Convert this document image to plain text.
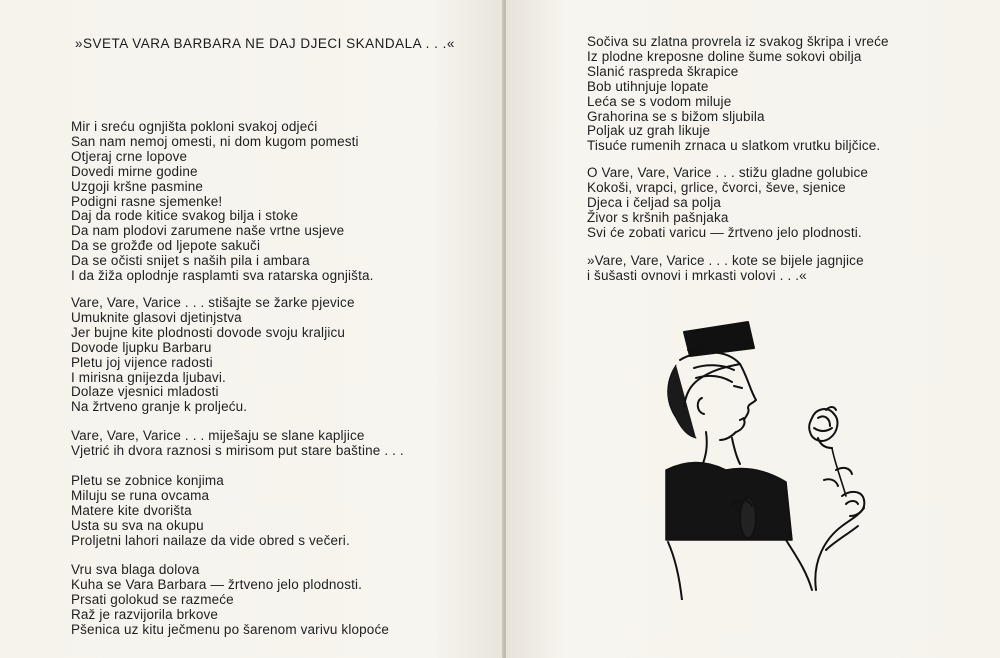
»SVETA VARA BARBARA NE DAJ DJECI SKANDALA . . .«
Mir i sreću ognjišta pokloni svakoj odjeći
San nam nemoj omesti, ni dom kugom pomesti
Otjeraj crne lopove
Dovedi mirne godine
Uzgoji kršne pasmine
Podigni rasne sjemenke!
Daj da rode kitice svakog bilja i stoke
Da nam plodovi zarumene naše vrtne usjeve
Da se grožđe od ljepote sakuči
Da se očisti snijet s naših pila i ambara
I da žiža oplodnje rasplamti sva ratarska ognjišta.
Vare, Vare, Varice . . . stišajte se žarke pjevice
Umuknite glasovi djetinjstva
Jer bujne kite plodnosti dovode svoju kraljicu
Dovode ljupku Barbaru
Pletu joj vijence radosti
I mirisna gnijezda ljubavi.
Dolaze vjesnici mladosti
Na žrtveno granje k proljeću.
Vare, Vare, Varice . . . miješaju se slane kapljice
Vjetrić ih dvora raznosi s mirisom put stare baštine . . .
Pletu se zobnice konjima
Miluju se runa ovcama
Matere kite dvorišta
Usta su sva na okupu
Proljetni lahori nailaze da vide obred s večeri.
Vru sva blaga dolova
Kuha se Vara Barbara — žrtveno jelo plodnosti.
Prsati golokud se razmeće
Raž je razvijorila brkove
Pšenica uz kitu ječmenu po šarenom varivu klopoće
Sočiva su zlatna provrela iz svakog škripa i vreće
Iz plodne kreposne doline šume sokovi obilja
Slanić raspreda škrapice
Bob utihnjuje lopate
Leća se s vodom miluje
Grahorina se s bižom sljubila
Poljak uz grah likuje
Tisuće rumenih zrnaca u slatkom vrutku biljčice.
O Vare, Vare, Varice . . . stižu gladne golubice
Kokoši, vrapci, grlice, čvorci, ševe, sjenice
Djeca i čeljad sa polja
Živor s kršnih pašnjaka
Svi će zobati varicu — žrtveno jelo plodnosti.
»Vare, Vare, Varice . . . kote se bijele jagnjice
i šušasti ovnovi i mrkasti volovi . . .«
